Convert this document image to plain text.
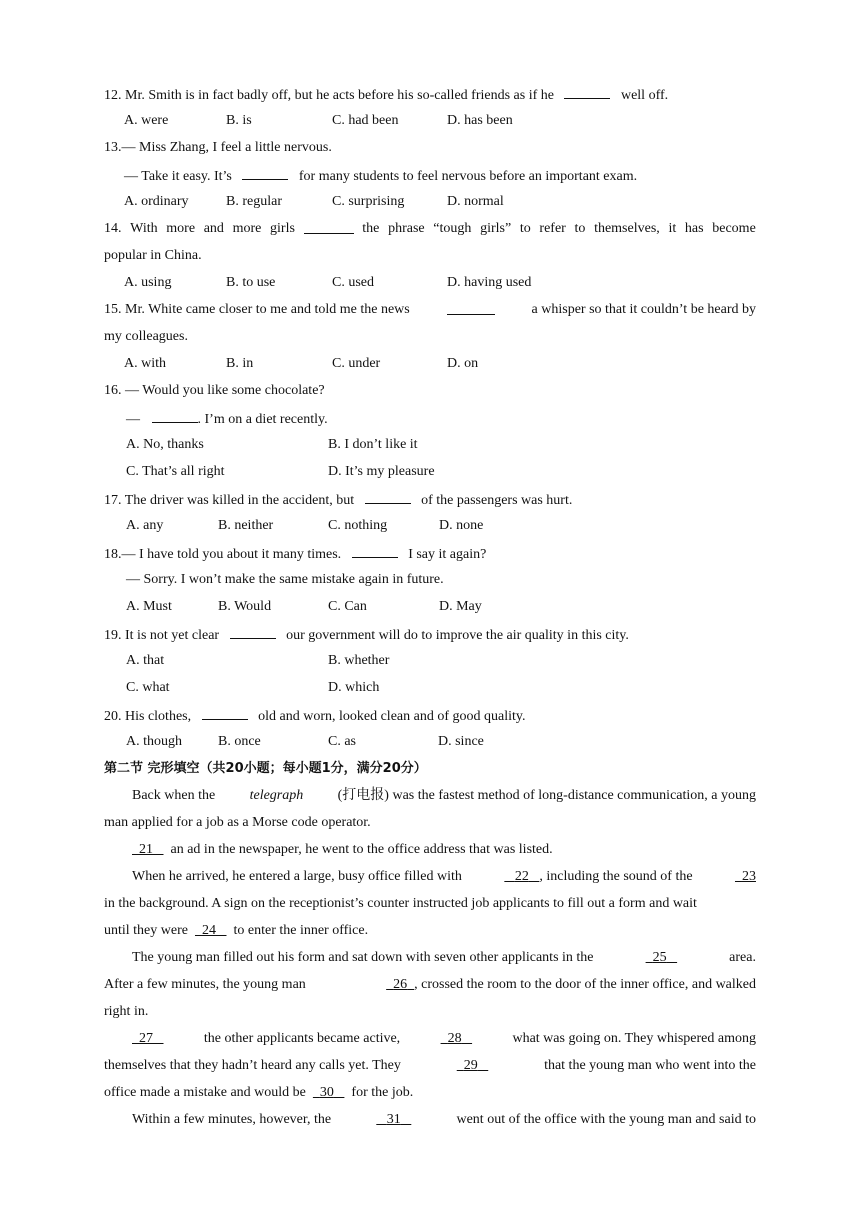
12. Mr. Smith is in fact badly off, but he acts before his so-called friends as if he	well off.
A. were	B. is	C. had been	D. has been
13.— Miss Zhang, I feel a little nervous.
— Take it easy. It’s	for many students to feel nervous before an important exam.
A. ordinary	B. regular	C. surprising	D. normal
14. With more and more girls	the phrase “tough girls” to refer to themselves, it has become
popular in China.
A. using	B. to use	C. used	D. having used
15. Mr. White came closer to me and told me the news	a whisper so that it couldn’t be heard by
my colleagues.
A. with	B. in	C. under	D. on
16. — Would you like some chocolate?
—	. I’m on a diet recently.
A. No, thanks	B. I don’t like it
C. That’s all right	D. It’s my pleasure
17. The driver was killed in the accident, but	of the passengers was hurt.
A. any	B. neither	C. nothing	D. none
18.— I have told you about it many times.	I say it again?
— Sorry. I won’t make the same mistake again in future.
A. Must	B. Would	C. Can	D. May
19. It is not yet clear	our government will do to improve the air quality in this city.
A. that	B. whether
C. what	D. which
20. His clothes,	old and worn, looked clean and of good quality.
A. though	B. once	C. as	D. since
第二节 完形填空（共20小题；每小题1分，满分20分）
Back when the telegraph (打电报) was the fastest method of long-distance communication, a young
man applied for a job as a Morse code operator.
21 an ad in the newspaper, he went to the office address that was listed.
When he arrived, he entered a large, busy office filled with	22 , including the sound of the	23
in the background. A sign on the receptionist’s counter instructed job applicants to fill out a form and wait
until they were 24 to enter the inner office.
The young man filled out his form and sat down with seven other applicants in the	25	area.
After a few minutes, the young man	26 , crossed the room to the door of the inner office, and walked
right in.
27	the other applicants became active,	28	what was going on. They whispered among
themselves that they hadn’t heard any calls yet. They	29	that the young man who went into the
office made a mistake and would be 30 for the job.
Within a few minutes, however, the	31	went out of the office with the young man and said to
